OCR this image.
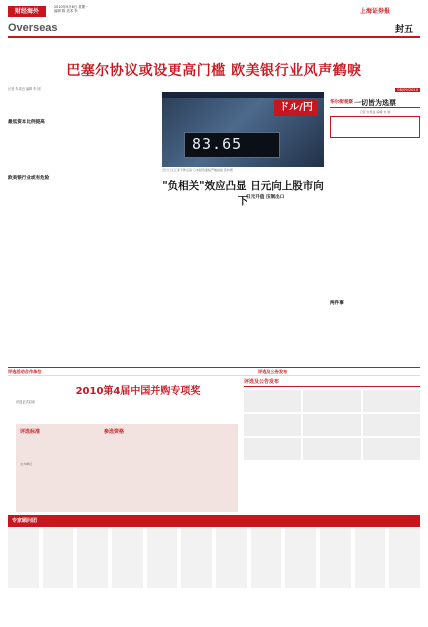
财经海外
2010年9月6日 星期一
编辑 陈 美术 李	上海证券报
Overseas	封五
巴塞尔协议或设更高门槛 欧美银行业风声鹤唳
记者 朱周良 编辑 朱 刚

最低资本比例提高

欧美银行业或有危险

ドル/円
83.65
近日日元汇率不断走高 日本经济面临严峻挑战 资料图
华尔街观察
08/09/2010
一切皆为选票
记者 朱周良 编辑 朱 刚
两件事
"负相关"效应凸显 日元向上股市向下
日元升值 压制出口
评选活动合作单位	评选及公告发布
2010第4届中国并购专项奖
评选正式启动
评选标准	参选资格
主办单位
评选及公告发布
专家顾问团
